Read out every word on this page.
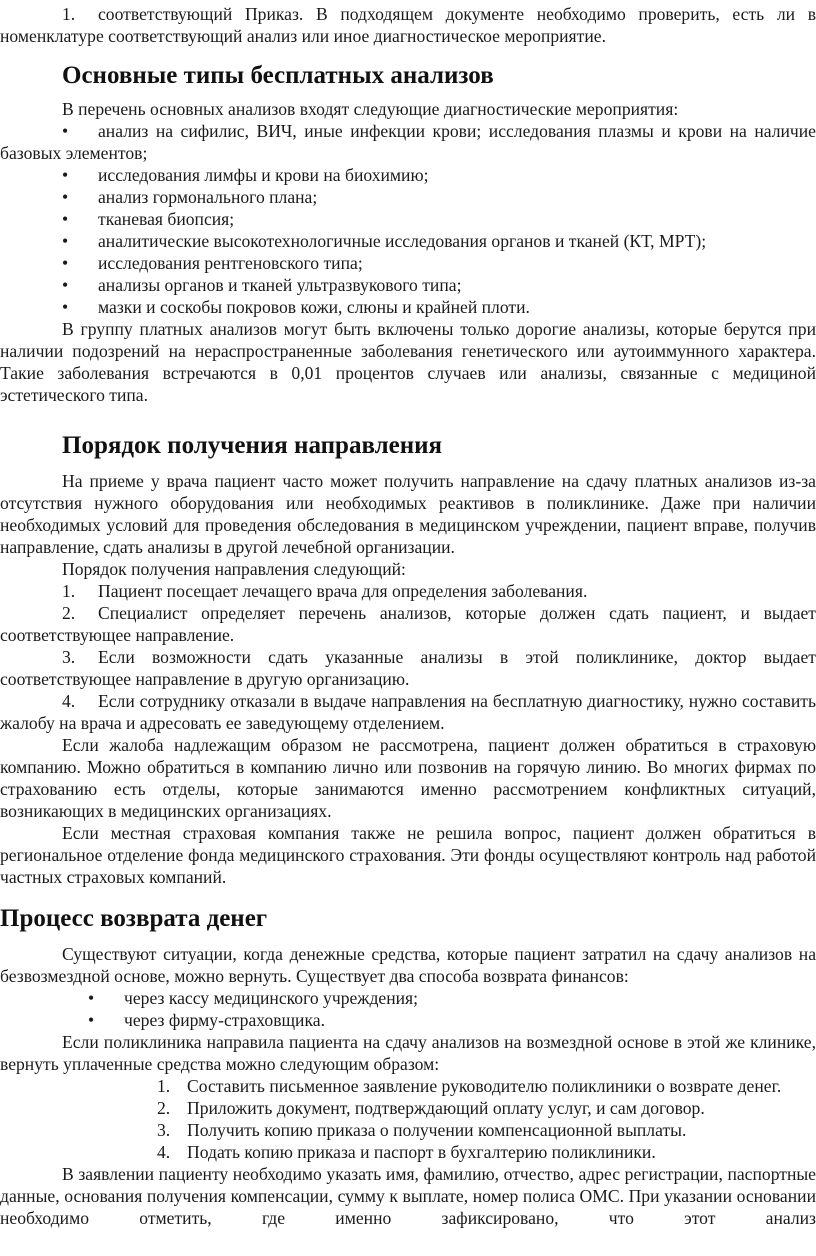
1. соответствующий Приказ. В подходящем документе необходимо проверить, есть ли в номенклатуре соответствующий анализ или иное диагностическое мероприятие.

Основные типы бесплатных анализов

В перечень основных анализов входят следующие диагностические мероприятия:

• анализ на сифилис, ВИЧ, иные инфекции крови; исследования плазмы и крови на наличие базовых элементов;

• исследования лимфы и крови на биохимию;

• анализ гормонального плана;

• тканевая биопсия;

• аналитические высокотехнологичные исследования органов и тканей (КТ, МРТ);

• исследования рентгеновского типа;

• анализы органов и тканей ультразвукового типа;

• мазки и соскобы покровов кожи, слюны и крайней плоти.

В группу платных анализов могут быть включены только дорогие анализы, которые берутся при наличии подозрений на нераспространенные заболевания генетического или аутоиммунного характера. Такие заболевания встречаются в 0,01 процентов случаев или анализы, связанные с медициной эстетического типа.

Порядок получения направления

На приеме у врача пациент часто может получить направление на сдачу платных анализов из-за отсутствия нужного оборудования или необходимых реактивов в поликлинике. Даже при наличии необходимых условий для проведения обследования в медицинском учреждении, пациент вправе, получив направление, сдать анализы в другой лечебной организации.

Порядок получения направления следующий:

1. Пациент посещает лечащего врача для определения заболевания.

2. Специалист определяет перечень анализов, которые должен сдать пациент, и выдает соответствующее направление.

3. Если возможности сдать указанные анализы в этой поликлинике, доктор выдает соответствующее направление в другую организацию.

4. Если сотруднику отказали в выдаче направления на бесплатную диагностику, нужно составить жалобу на врача и адресовать ее заведующему отделением.

Если жалоба надлежащим образом не рассмотрена, пациент должен обратиться в страховую компанию. Можно обратиться в компанию лично или позвонив на горячую линию. Во многих фирмах по страхованию есть отделы, которые занимаются именно рассмотрением конфликтных ситуаций, возникающих в медицинских организациях.

Если местная страховая компания также не решила вопрос, пациент должен обратиться в региональное отделение фонда медицинского страхования. Эти фонды осуществляют контроль над работой частных страховых компаний.

Процесс возврата денег

Существуют ситуации, когда денежные средства, которые пациент затратил на сдачу анализов на безвозмездной основе, можно вернуть. Существует два способа возврата финансов:

• через кассу медицинского учреждения;

• через фирму-страховщика.

Если поликлиника направила пациента на сдачу анализов на возмездной основе в этой же клинике, вернуть уплаченные средства можно следующим образом:

1. Составить письменное заявление руководителю поликлиники о возврате денег.

2. Приложить документ, подтверждающий оплату услуг, и сам договор.

3. Получить копию приказа о получении компенсационной выплаты.

4. Подать копию приказа и паспорт в бухгалтерию поликлиники.

В заявлении пациенту необходимо указать имя, фамилию, отчество, адрес регистрации, паспортные данные, основания получения компенсации, сумму к выплате, номер полиса ОМС. При указании основании необходимо отметить, где именно зафиксировано, что этот анализ
